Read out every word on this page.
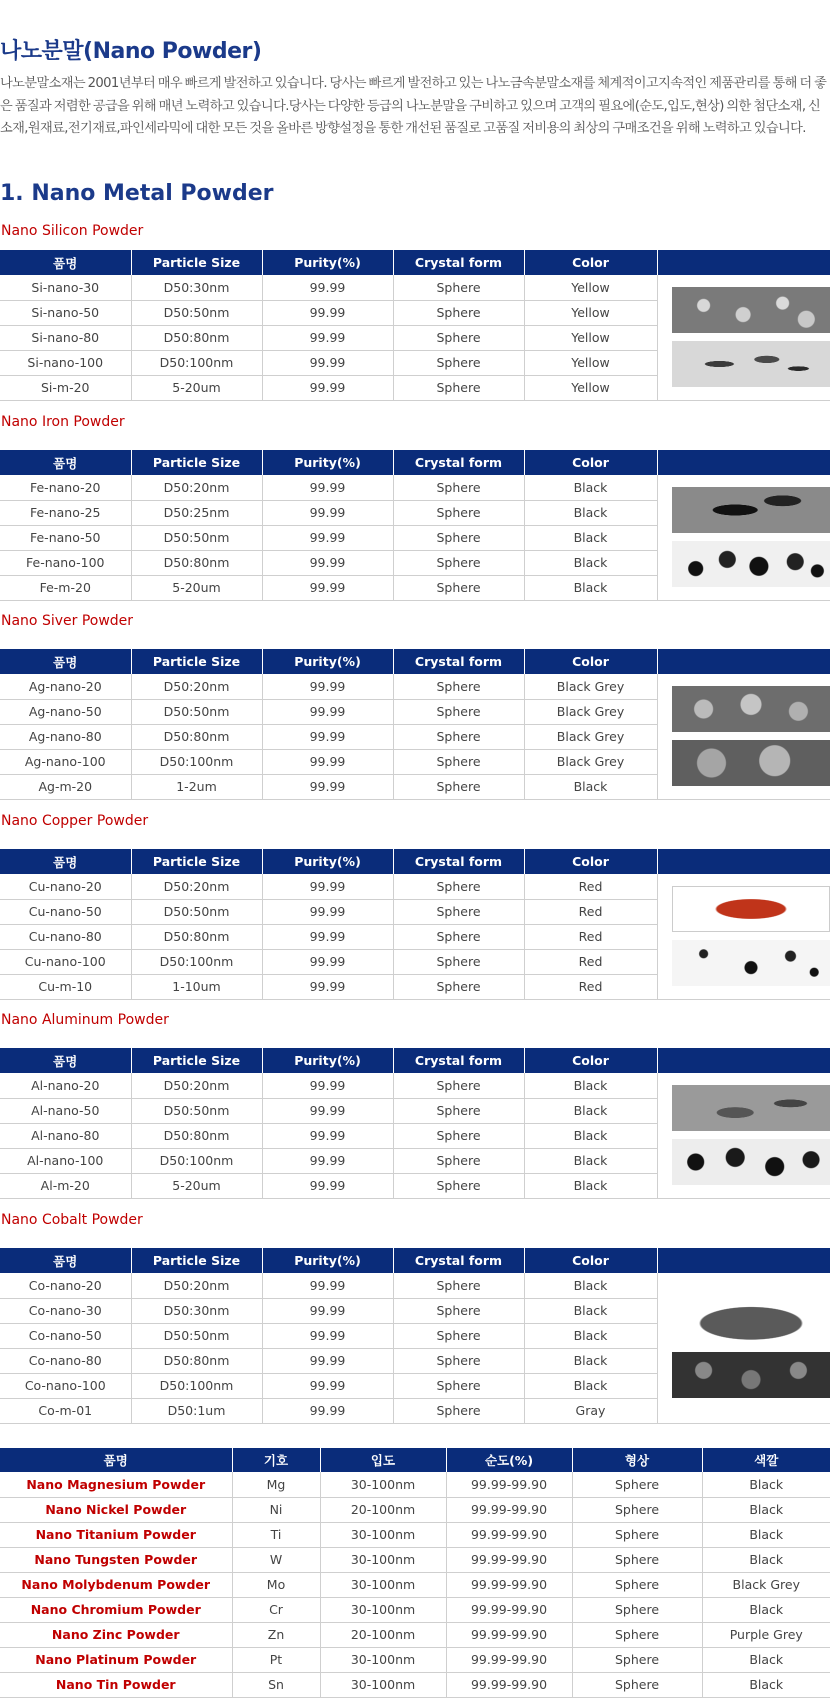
나노분말(Nano Powder)

나노분말소재는 2001년부터 매우 빠르게 발전하고 있습니다. 당사는 빠르게 발전하고 있는 나노금속분말소재를 체계적이고지속적인 제품관리를 통해 더 좋은 품질과 저렴한 공급을 위해 매년 노력하고 있습니다.당사는 다양한 등급의 나노분말을 구비하고 있으며 고객의 필요에(순도,입도,현상) 의한 첨단소재, 신소재,원재료,전기재료,파인세라믹에 대한 모든 것을 올바른 방향설정을 통한 개선된 품질로 고품질 저비용의 최상의 구매조건을 위해 노력하고 있습니다.

1. Nano Metal Powder
Nano Silicon Powder
품명	Particle Size	Purity(%)	Crystal form	Color	
Si-nano-30	D50:30nm	99.99	Sphere	Yellow	

Si-nano-50	D50:50nm	99.99	Sphere	Yellow	
Si-nano-80	D50:80nm	99.99	Sphere	Yellow	
Si-nano-100	D50:100nm	99.99	Sphere	Yellow	
Si-m-20	5-20um	99.99	Sphere	Yellow	
Nano Iron Powder
품명	Particle Size	Purity(%)	Crystal form	Color	
Fe-nano-20	D50:20nm	99.99	Sphere	Black	

Fe-nano-25	D50:25nm	99.99	Sphere	Black	
Fe-nano-50	D50:50nm	99.99	Sphere	Black	
Fe-nano-100	D50:80nm	99.99	Sphere	Black	
Fe-m-20	5-20um	99.99	Sphere	Black	
Nano Siver Powder
품명	Particle Size	Purity(%)	Crystal form	Color	
Ag-nano-20	D50:20nm	99.99	Sphere	Black Grey	

Ag-nano-50	D50:50nm	99.99	Sphere	Black Grey	
Ag-nano-80	D50:80nm	99.99	Sphere	Black Grey	
Ag-nano-100	D50:100nm	99.99	Sphere	Black Grey	
Ag-m-20	1-2um	99.99	Sphere	Black	
Nano Copper Powder
품명	Particle Size	Purity(%)	Crystal form	Color	
Cu-nano-20	D50:20nm	99.99	Sphere	Red	

Cu-nano-50	D50:50nm	99.99	Sphere	Red	
Cu-nano-80	D50:80nm	99.99	Sphere	Red	
Cu-nano-100	D50:100nm	99.99	Sphere	Red	
Cu-m-10	1-10um	99.99	Sphere	Red	
Nano Aluminum Powder
품명	Particle Size	Purity(%)	Crystal form	Color	
Al-nano-20	D50:20nm	99.99	Sphere	Black	

Al-nano-50	D50:50nm	99.99	Sphere	Black	
Al-nano-80	D50:80nm	99.99	Sphere	Black	
Al-nano-100	D50:100nm	99.99	Sphere	Black	
Al-m-20	5-20um	99.99	Sphere	Black	
Nano Cobalt Powder
품명	Particle Size	Purity(%)	Crystal form	Color	
Co-nano-20	D50:20nm	99.99	Sphere	Black	

Co-nano-30	D50:30nm	99.99	Sphere	Black	
Co-nano-50	D50:50nm	99.99	Sphere	Black	
Co-nano-80	D50:80nm	99.99	Sphere	Black	
Co-nano-100	D50:100nm	99.99	Sphere	Black	
Co-m-01	D50:1um	99.99	Sphere	Gray	
품명	기호	입도	순도(%)	형상	색깔
Nano Magnesium Powder	Mg	30-100nm	99.99-99.90	Sphere	Black
Nano Nickel Powder	Ni	20-100nm	99.99-99.90	Sphere	Black
Nano Titanium Powder	Ti	30-100nm	99.99-99.90	Sphere	Black
Nano Tungsten Powder	W	30-100nm	99.99-99.90	Sphere	Black
Nano Molybdenum Powder	Mo	30-100nm	99.99-99.90	Sphere	Black Grey
Nano Chromium Powder	Cr	30-100nm	99.99-99.90	Sphere	Black
Nano Zinc Powder	Zn	20-100nm	99.99-99.90	Sphere	Purple Grey
Nano Platinum Powder	Pt	30-100nm	99.99-99.90	Sphere	Black
Nano Tin Powder	Sn	30-100nm	99.99-99.90	Sphere	Black
